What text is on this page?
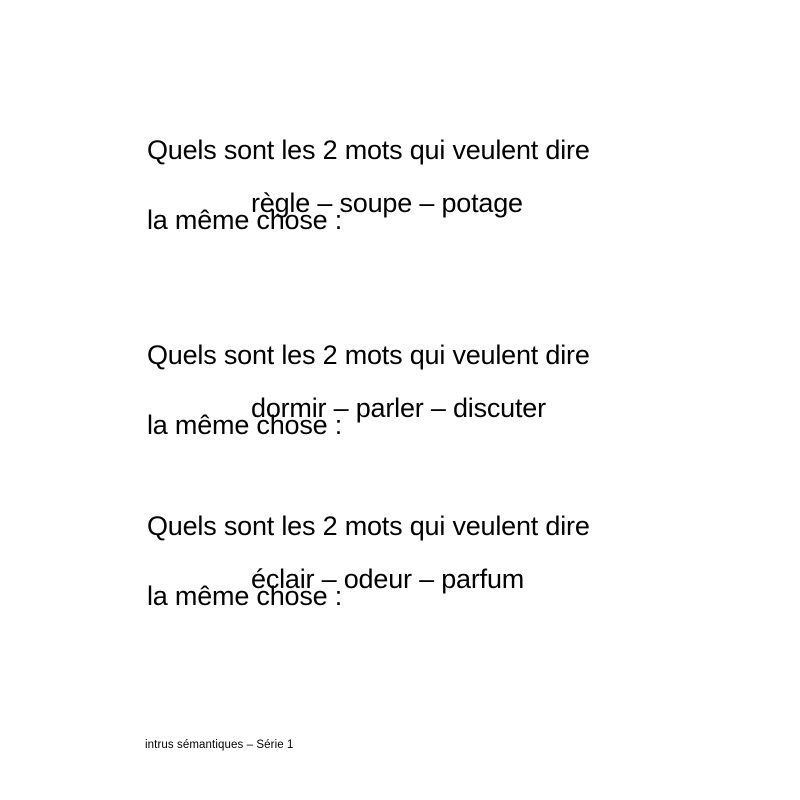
Quels sont les 2 mots qui veulent dire

la même chose :

règle – soupe – potage

Quels sont les 2 mots qui veulent dire

la même chose :

dormir – parler – discuter

Quels sont les 2 mots qui veulent dire

la même chose :

éclair – odeur – parfum
intrus sémantiques – Série 1
